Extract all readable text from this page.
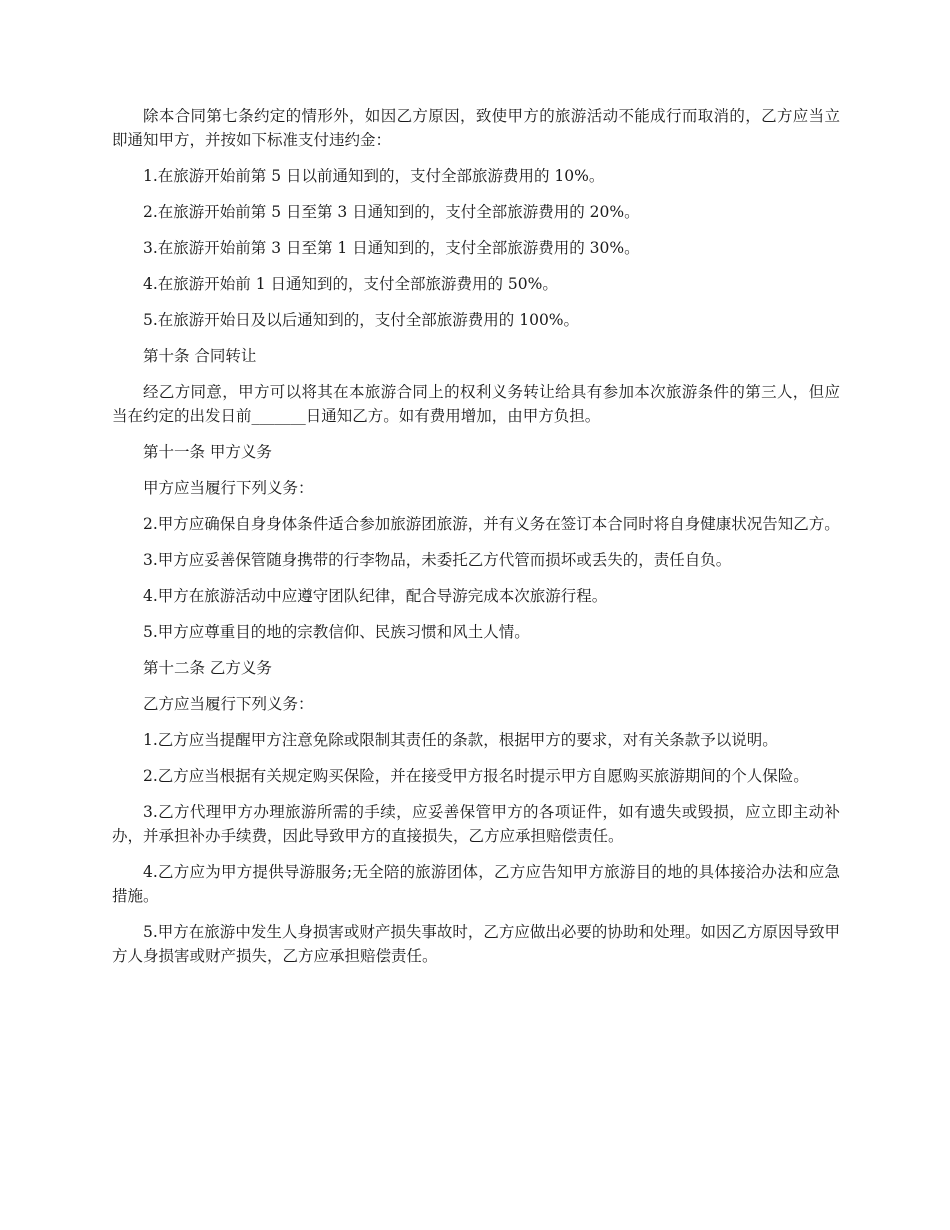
除本合同第七条约定的情形外，如因乙方原因，致使甲方的旅游活动不能成行而取消的，乙方应当立即通知甲方，并按如下标准支付违约金：

1.在旅游开始前第 5 日以前通知到的，支付全部旅游费用的 10%。

2.在旅游开始前第 5 日至第 3 日通知到的，支付全部旅游费用的 20%。

3.在旅游开始前第 3 日至第 1 日通知到的，支付全部旅游费用的 30%。

4.在旅游开始前 1 日通知到的，支付全部旅游费用的 50%。

5.在旅游开始日及以后通知到的，支付全部旅游费用的 100%。

第十条 合同转让

经乙方同意，甲方可以将其在本旅游合同上的权利义务转让给具有参加本次旅游条件的第三人，但应当在约定的出发日前_______日通知乙方。如有费用增加，由甲方负担。

第十一条 甲方义务

甲方应当履行下列义务：

2.甲方应确保自身身体条件适合参加旅游团旅游，并有义务在签订本合同时将自身健康状况告知乙方。

3.甲方应妥善保管随身携带的行李物品，未委托乙方代管而损坏或丢失的，责任自负。

4.甲方在旅游活动中应遵守团队纪律，配合导游完成本次旅游行程。

5.甲方应尊重目的地的宗教信仰、民族习惯和风土人情。

第十二条 乙方义务

乙方应当履行下列义务：

1.乙方应当提醒甲方注意免除或限制其责任的条款，根据甲方的要求，对有关条款予以说明。

2.乙方应当根据有关规定购买保险，并在接受甲方报名时提示甲方自愿购买旅游期间的个人保险。

3.乙方代理甲方办理旅游所需的手续，应妥善保管甲方的各项证件，如有遗失或毁损，应立即主动补办，并承担补办手续费，因此导致甲方的直接损失，乙方应承担赔偿责任。

4.乙方应为甲方提供导游服务;无全陪的旅游团体，乙方应告知甲方旅游目的地的具体接洽办法和应急措施。

5.甲方在旅游中发生人身损害或财产损失事故时，乙方应做出必要的协助和处理。如因乙方原因导致甲方人身损害或财产损失，乙方应承担赔偿责任。
